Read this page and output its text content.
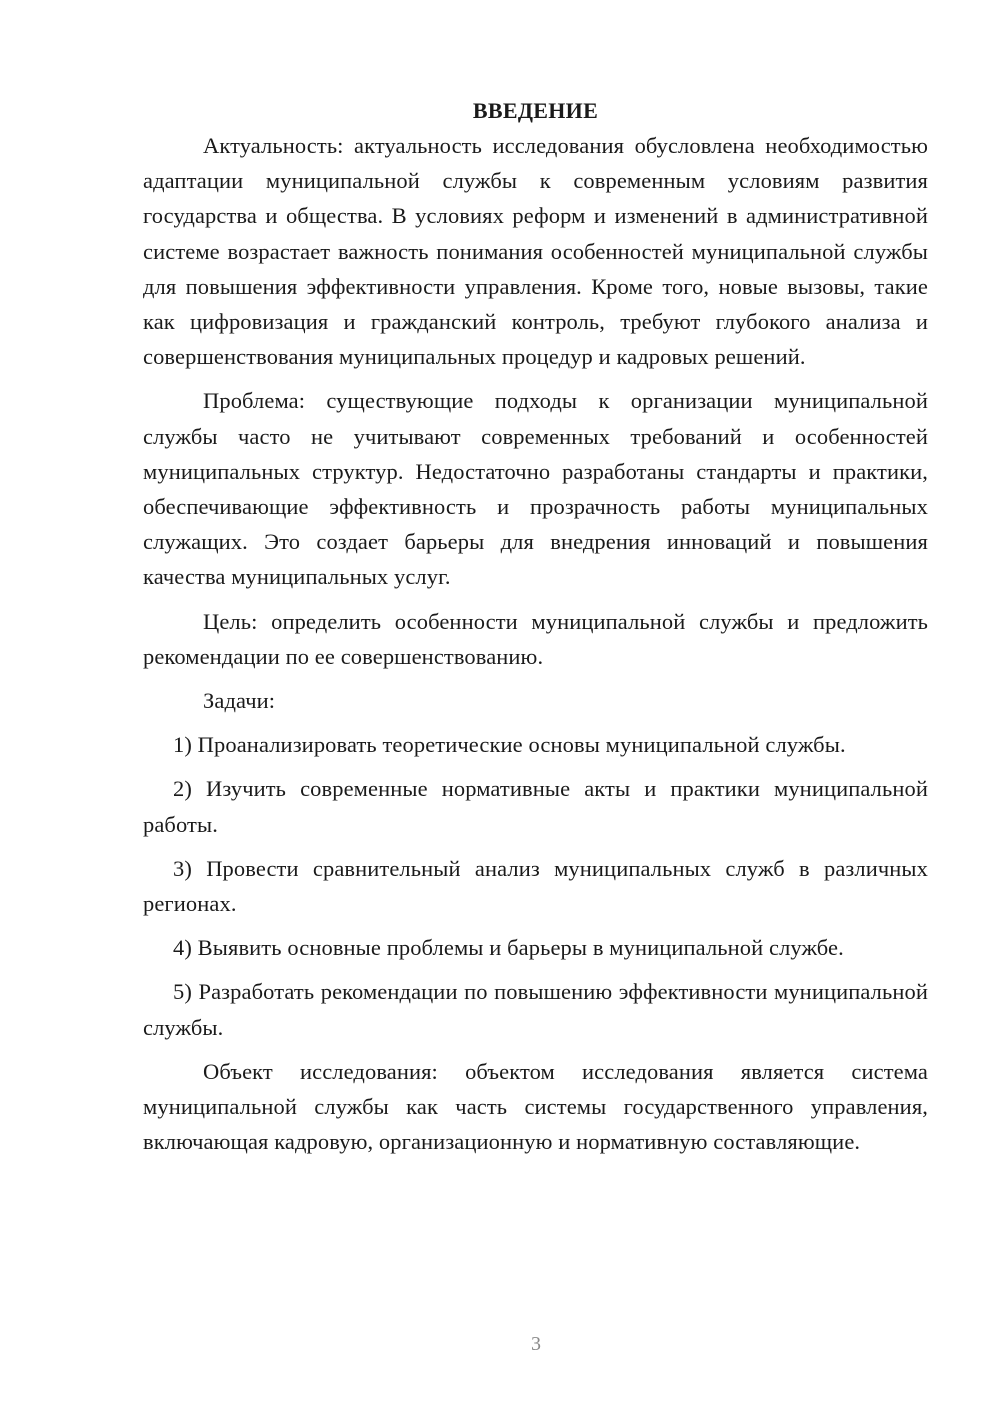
ВВЕДЕНИЕ

Актуальность: актуальность исследования обусловлена необходимостью адаптации муниципальной службы к современным условиям развития государства и общества. В условиях реформ и изменений в административной системе возрастает важность понимания особенностей муниципальной службы для повышения эффективности управления. Кроме того, новые вызовы, такие как цифровизация и гражданский контроль, требуют глубокого анализа и совершенствования муниципальных процедур и кадровых решений.

Проблема: существующие подходы к организации муниципальной службы часто не учитывают современных требований и особенностей муниципальных структур. Недостаточно разработаны стандарты и практики, обеспечивающие эффективность и прозрачность работы муниципальных служащих. Это создает барьеры для внедрения инноваций и повышения качества муниципальных услуг.

Цель: определить особенности муниципальной службы и предложить рекомендации по ее совершенствованию.

Задачи:

1) Проанализировать теоретические основы муниципальной службы.

2) Изучить современные нормативные акты и практики муниципальной работы.

3) Провести сравнительный анализ муниципальных служб в различных регионах.

4) Выявить основные проблемы и барьеры в муниципальной службе.

5) Разработать рекомендации по повышению эффективности муниципальной службы.

Объект исследования: объектом исследования является система муниципальной службы как часть системы государственного управления, включающая кадровую, организационную и нормативную составляющие.

3
